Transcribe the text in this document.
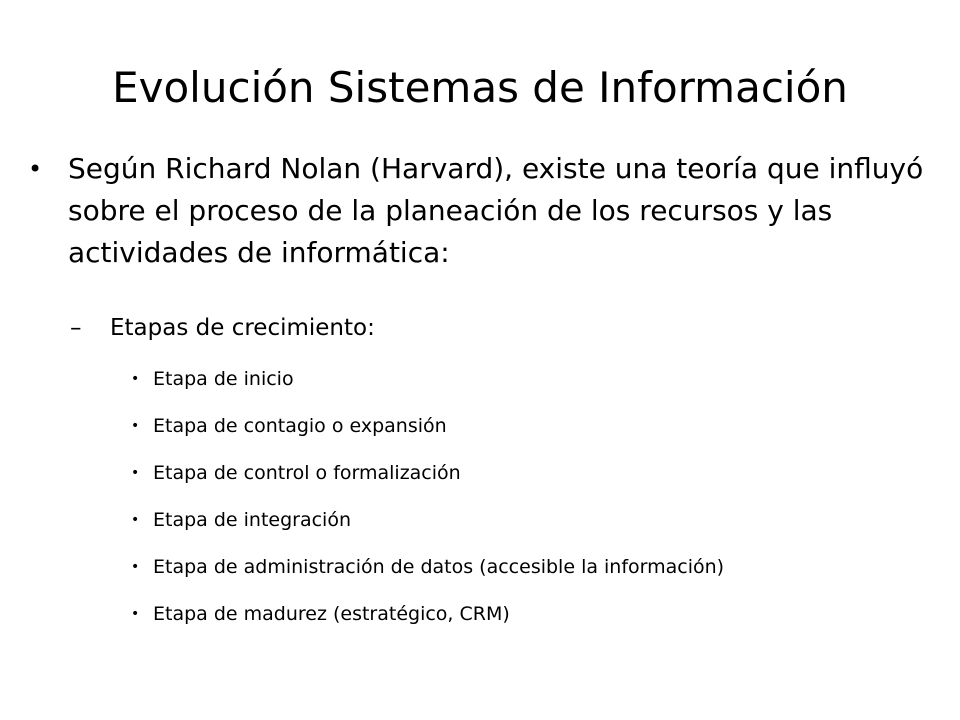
Evolución Sistemas de Información
• Según Richard Nolan (Harvard), existe una teoría que influyó sobre el proceso de la planeación de los recursos y las actividades de informática:
– Etapas de crecimiento:
• Etapa de inicio
• Etapa de contagio o expansión
• Etapa de control o formalización
• Etapa de integración
• Etapa de administración de datos (accesible la información)
• Etapa de madurez (estratégico, CRM)
